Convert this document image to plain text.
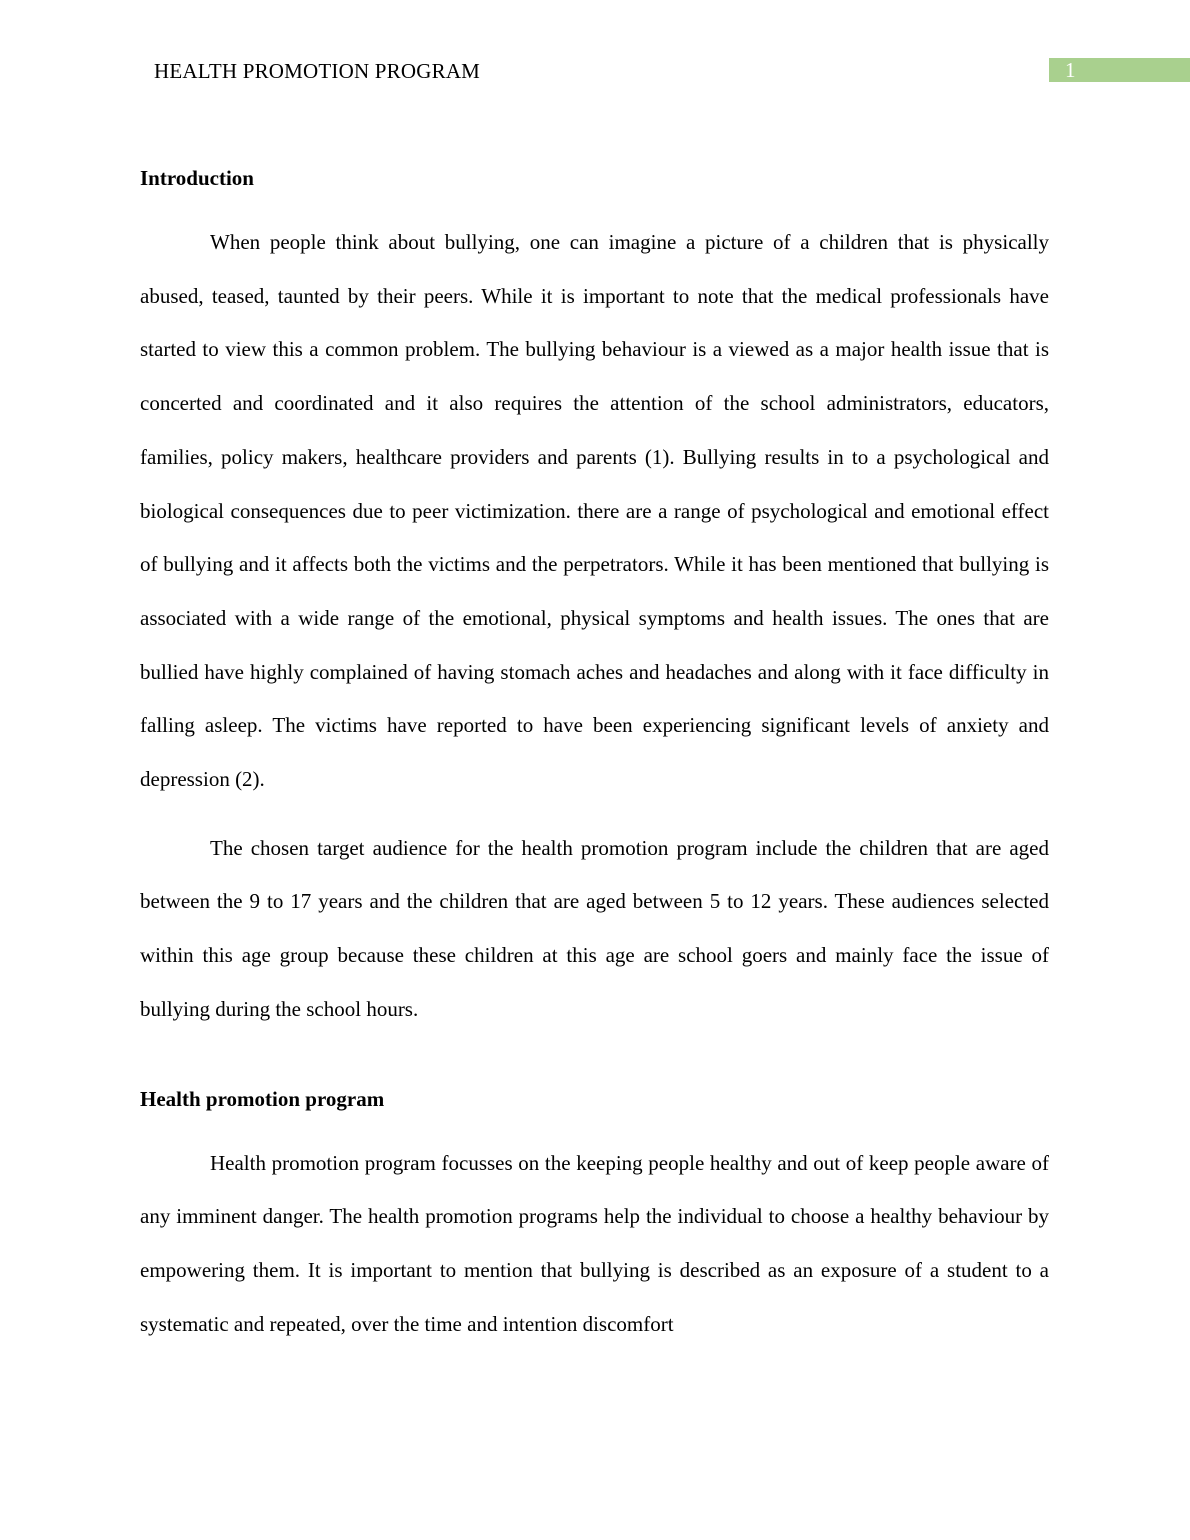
HEALTH PROMOTION PROGRAM	1
Introduction

When people think about bullying, one can imagine a picture of a children that is physically abused, teased, taunted by their peers. While it is important to note that the medical professionals have started to view this a common problem. The bullying behaviour is a viewed as a major health issue that is concerted and coordinated and it also requires the attention of the school administrators, educators, families, policy makers, healthcare providers and parents (1). Bullying results in to a psychological and biological consequences due to peer victimization. there are a range of psychological and emotional effect of bullying and it affects both the victims and the perpetrators. While it has been mentioned that bullying is associated with a wide range of the emotional, physical symptoms and health issues. The ones that are bullied have highly complained of having stomach aches and headaches and along with it face difficulty in falling asleep. The victims have reported to have been experiencing significant levels of anxiety and depression (2).

The chosen target audience for the health promotion program include the children that are aged between the 9 to 17 years and the children that are aged between 5 to 12 years. These audiences selected within this age group because these children at this age are school goers and mainly face the issue of bullying during the school hours.

Health promotion program

Health promotion program focusses on the keeping people healthy and out of keep people aware of any imminent danger. The health promotion programs help the individual to choose a healthy behaviour by empowering them. It is important to mention that bullying is described as an exposure of a student to a systematic and repeated, over the time and intention discomfort
